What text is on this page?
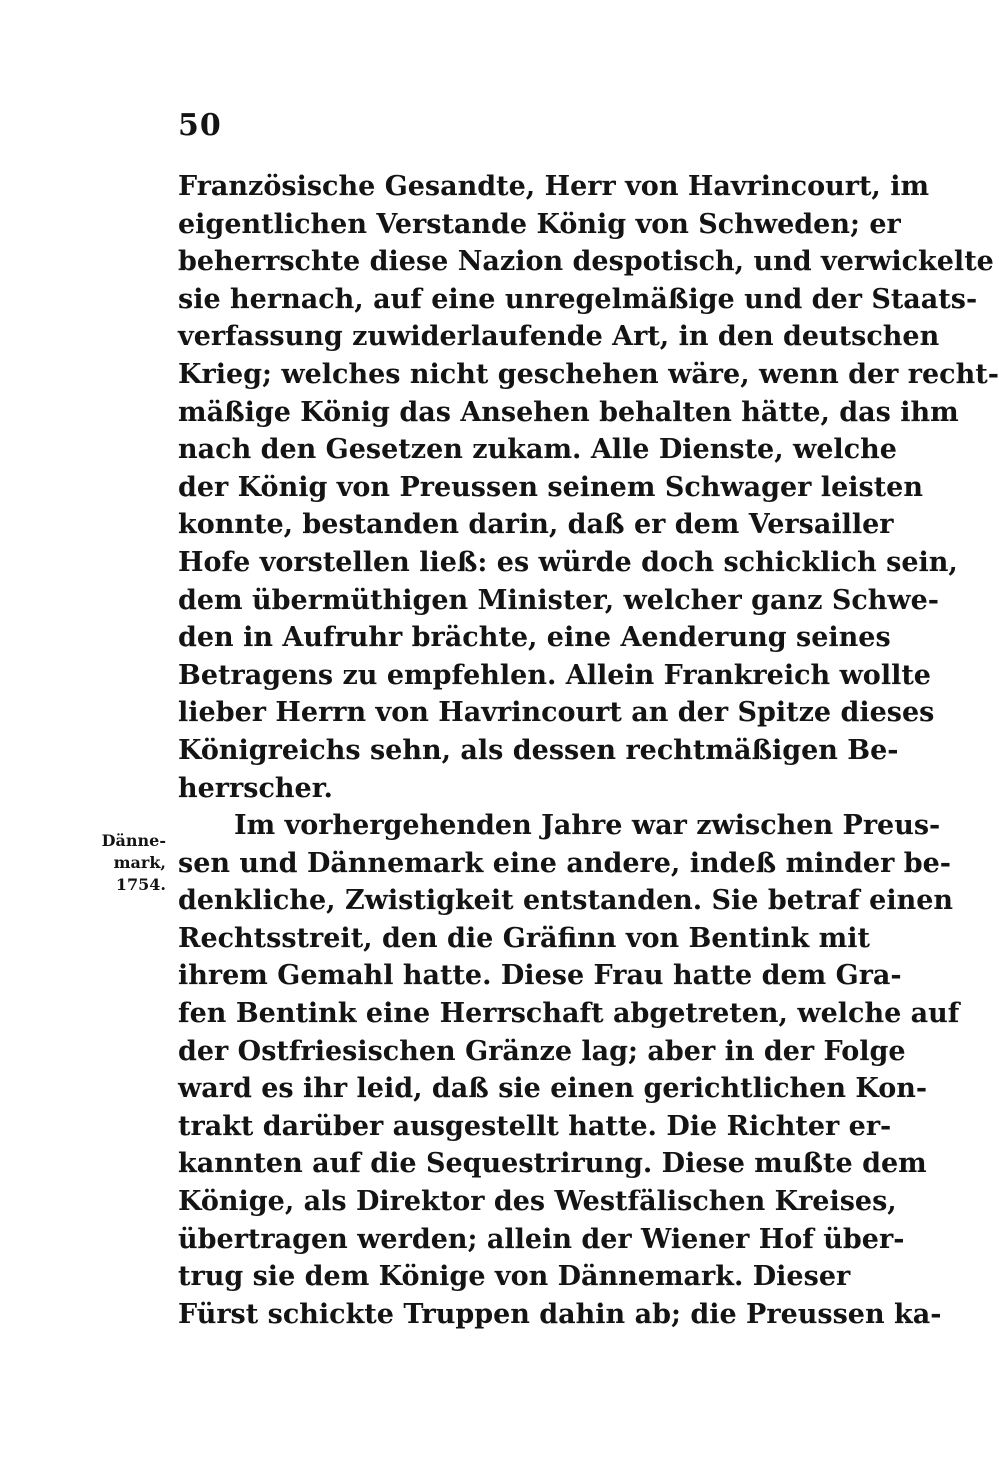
50
Dänne-
mark,
1754.
Französische Gesandte, Herr von Havrincourt, im
eigentlichen Verstande König von Schweden; er
beherrschte diese Nazion despotisch, und verwickelte
sie hernach, auf eine unregelmäßige und der Staats-
verfassung zuwiderlaufende Art, in den deutschen
Krieg; welches nicht geschehen wäre, wenn der recht-
mäßige König das Ansehen behalten hätte, das ihm
nach den Gesetzen zukam. Alle Dienste, welche
der König von Preussen seinem Schwager leisten
konnte, bestanden darin, daß er dem Versailler
Hofe vorstellen ließ: es würde doch schicklich sein,
dem übermüthigen Minister, welcher ganz Schwe-
den in Aufruhr brächte, eine Aenderung seines
Betragens zu empfehlen. Allein Frankreich wollte
lieber Herrn von Havrincourt an der Spitze dieses
Königreichs sehn, als dessen rechtmäßigen Be-
herrscher.
Im vorhergehenden Jahre war zwischen Preus-
sen und Dännemark eine andere, indeß minder be-
denkliche, Zwistigkeit entstanden. Sie betraf einen
Rechtsstreit, den die Gräfinn von Bentink mit
ihrem Gemahl hatte. Diese Frau hatte dem Gra-
fen Bentink eine Herrschaft abgetreten, welche auf
der Ostfriesischen Gränze lag; aber in der Folge
ward es ihr leid, daß sie einen gerichtlichen Kon-
trakt darüber ausgestellt hatte. Die Richter er-
kannten auf die Sequestrirung. Diese mußte dem
Könige, als Direktor des Westfälischen Kreises,
übertragen werden; allein der Wiener Hof über-
trug sie dem Könige von Dännemark. Dieser
Fürst schickte Truppen dahin ab; die Preussen ka-
